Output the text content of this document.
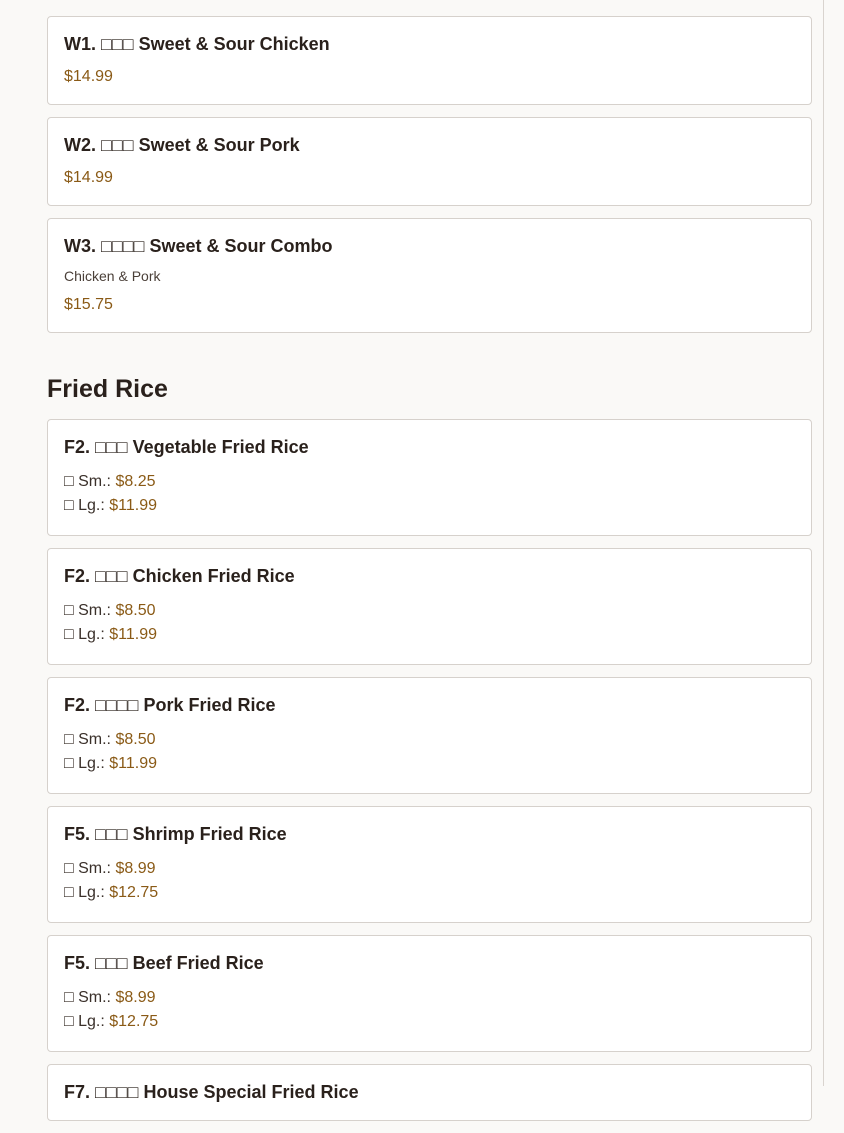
W1. □□□ Sweet & Sour Chicken
$14.99
W2. □□□ Sweet & Sour Pork
$14.99
W3. □□□□ Sweet & Sour Combo
Chicken & Pork
$15.75
Fried Rice
F2. □□□ Vegetable Fried Rice
□ Sm.: $8.25
□ Lg.: $11.99
F2. □□□ Chicken Fried Rice
□ Sm.: $8.50
□ Lg.: $11.99
F2. □□□□ Pork Fried Rice
□ Sm.: $8.50
□ Lg.: $11.99
F5. □□□ Shrimp Fried Rice
□ Sm.: $8.99
□ Lg.: $12.75
F5. □□□ Beef Fried Rice
□ Sm.: $8.99
□ Lg.: $12.75
F7. □□□□ House Special Fried Rice
